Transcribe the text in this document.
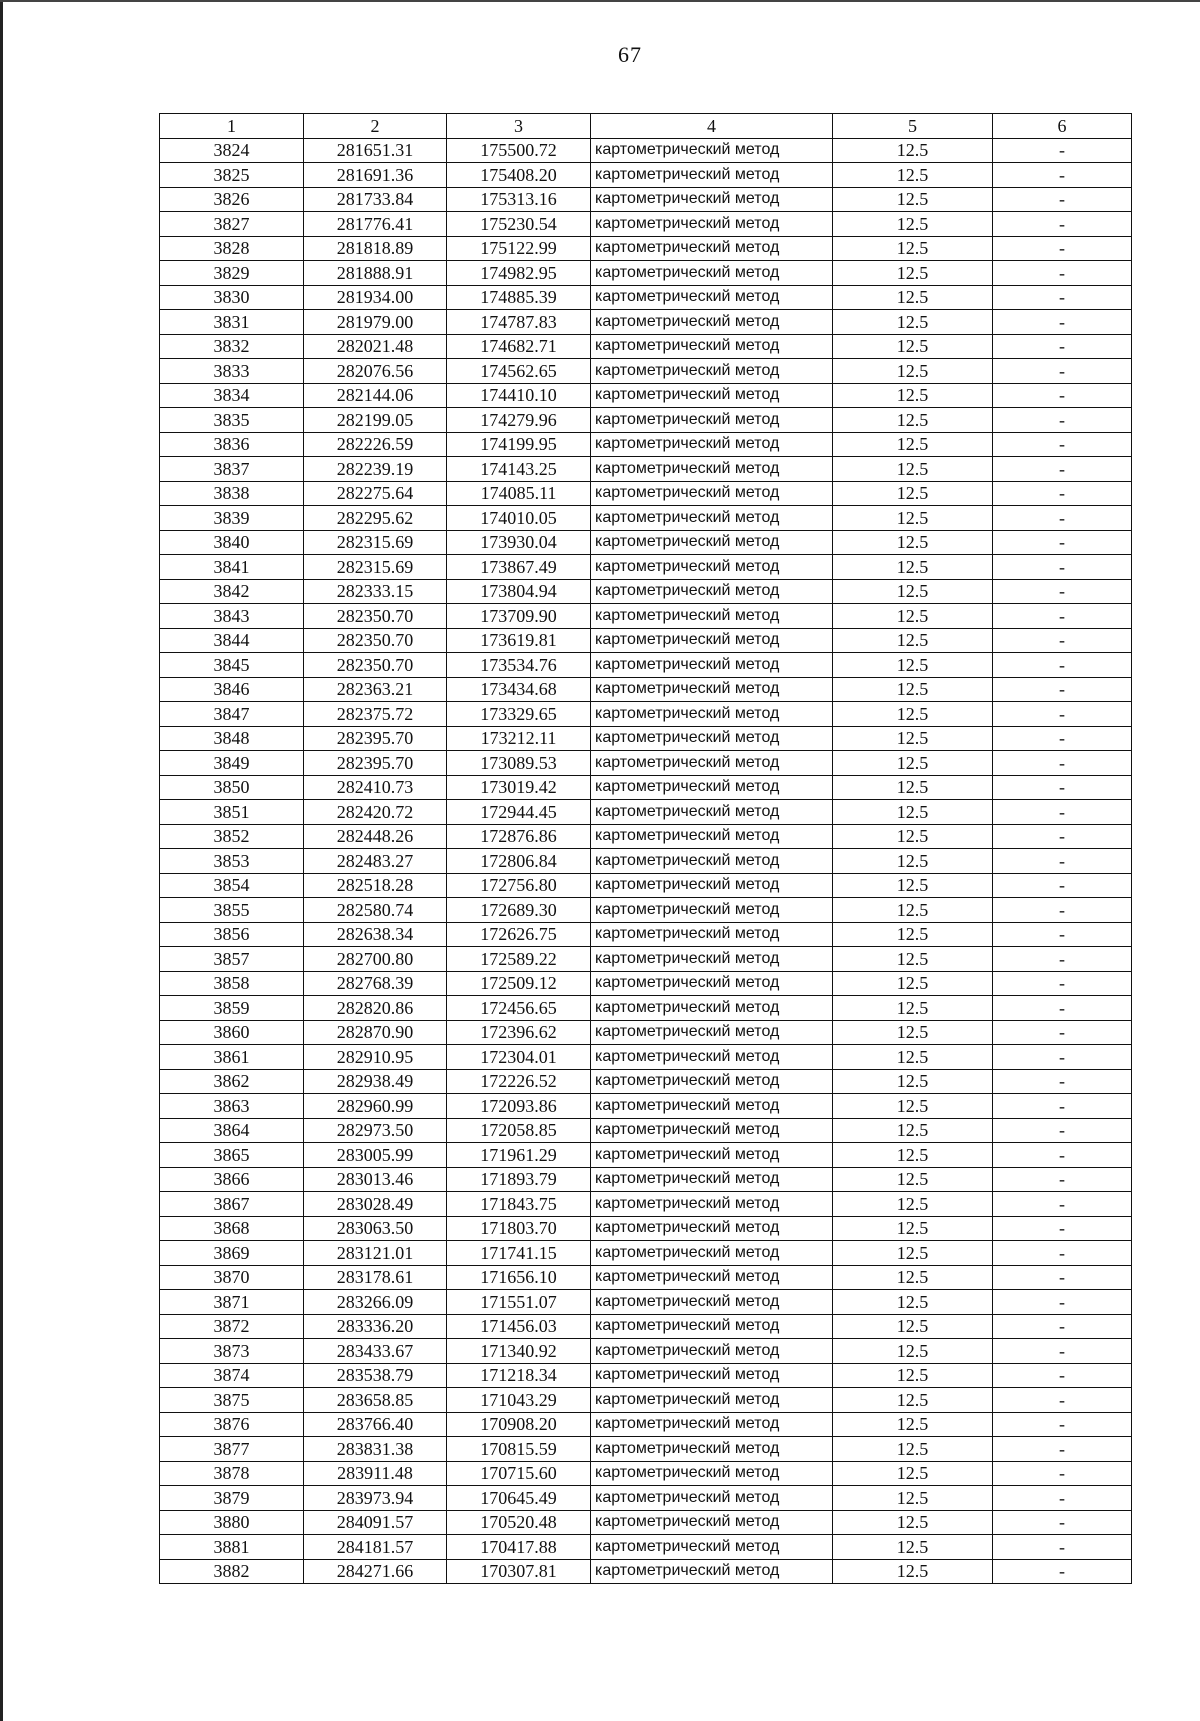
67
1	2	3	4	5	6
3824	281651.31	175500.72	картометрический метод	12.5	-
3825	281691.36	175408.20	картометрический метод	12.5	-
3826	281733.84	175313.16	картометрический метод	12.5	-
3827	281776.41	175230.54	картометрический метод	12.5	-
3828	281818.89	175122.99	картометрический метод	12.5	-
3829	281888.91	174982.95	картометрический метод	12.5	-
3830	281934.00	174885.39	картометрический метод	12.5	-
3831	281979.00	174787.83	картометрический метод	12.5	-
3832	282021.48	174682.71	картометрический метод	12.5	-
3833	282076.56	174562.65	картометрический метод	12.5	-
3834	282144.06	174410.10	картометрический метод	12.5	-
3835	282199.05	174279.96	картометрический метод	12.5	-
3836	282226.59	174199.95	картометрический метод	12.5	-
3837	282239.19	174143.25	картометрический метод	12.5	-
3838	282275.64	174085.11	картометрический метод	12.5	-
3839	282295.62	174010.05	картометрический метод	12.5	-
3840	282315.69	173930.04	картометрический метод	12.5	-
3841	282315.69	173867.49	картометрический метод	12.5	-
3842	282333.15	173804.94	картометрический метод	12.5	-
3843	282350.70	173709.90	картометрический метод	12.5	-
3844	282350.70	173619.81	картометрический метод	12.5	-
3845	282350.70	173534.76	картометрический метод	12.5	-
3846	282363.21	173434.68	картометрический метод	12.5	-
3847	282375.72	173329.65	картометрический метод	12.5	-
3848	282395.70	173212.11	картометрический метод	12.5	-
3849	282395.70	173089.53	картометрический метод	12.5	-
3850	282410.73	173019.42	картометрический метод	12.5	-
3851	282420.72	172944.45	картометрический метод	12.5	-
3852	282448.26	172876.86	картометрический метод	12.5	-
3853	282483.27	172806.84	картометрический метод	12.5	-
3854	282518.28	172756.80	картометрический метод	12.5	-
3855	282580.74	172689.30	картометрический метод	12.5	-
3856	282638.34	172626.75	картометрический метод	12.5	-
3857	282700.80	172589.22	картометрический метод	12.5	-
3858	282768.39	172509.12	картометрический метод	12.5	-
3859	282820.86	172456.65	картометрический метод	12.5	-
3860	282870.90	172396.62	картометрический метод	12.5	-
3861	282910.95	172304.01	картометрический метод	12.5	-
3862	282938.49	172226.52	картометрический метод	12.5	-
3863	282960.99	172093.86	картометрический метод	12.5	-
3864	282973.50	172058.85	картометрический метод	12.5	-
3865	283005.99	171961.29	картометрический метод	12.5	-
3866	283013.46	171893.79	картометрический метод	12.5	-
3867	283028.49	171843.75	картометрический метод	12.5	-
3868	283063.50	171803.70	картометрический метод	12.5	-
3869	283121.01	171741.15	картометрический метод	12.5	-
3870	283178.61	171656.10	картометрический метод	12.5	-
3871	283266.09	171551.07	картометрический метод	12.5	-
3872	283336.20	171456.03	картометрический метод	12.5	-
3873	283433.67	171340.92	картометрический метод	12.5	-
3874	283538.79	171218.34	картометрический метод	12.5	-
3875	283658.85	171043.29	картометрический метод	12.5	-
3876	283766.40	170908.20	картометрический метод	12.5	-
3877	283831.38	170815.59	картометрический метод	12.5	-
3878	283911.48	170715.60	картометрический метод	12.5	-
3879	283973.94	170645.49	картометрический метод	12.5	-
3880	284091.57	170520.48	картометрический метод	12.5	-
3881	284181.57	170417.88	картометрический метод	12.5	-
3882	284271.66	170307.81	картометрический метод	12.5	-
